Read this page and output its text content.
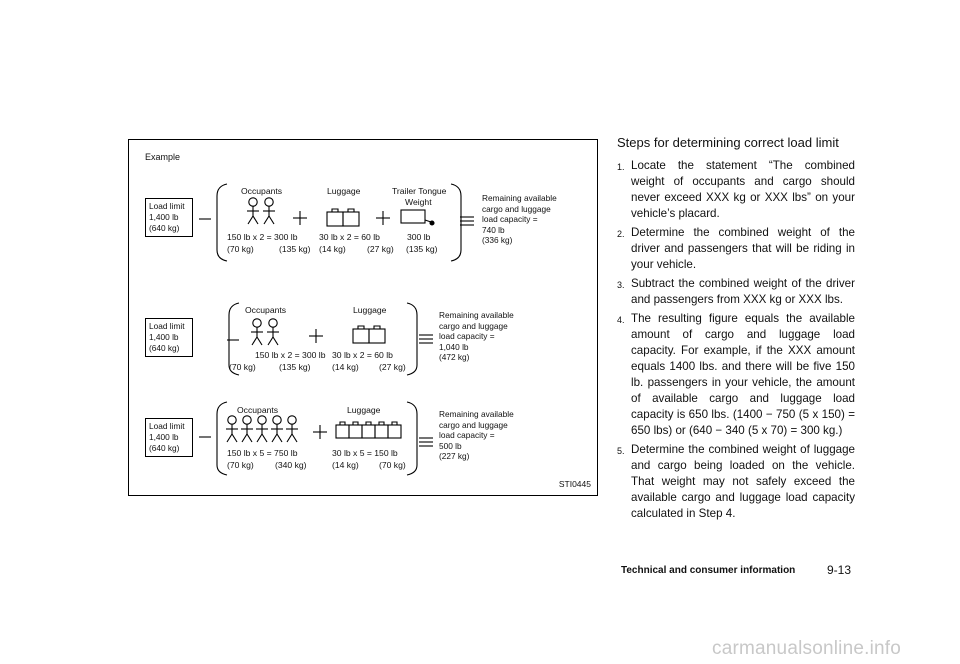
Example
Load limit
1,400 lb
(640 kg)
Occupants	Luggage	Trailer Tongue
Weight
150 lb x 2 = 300 lb
(70 kg)	(135 kg)
30 lb x 2 = 60 lb
(14 kg) (27 kg)
300 lb
(135 kg)
Remaining available
cargo and luggage
load capacity =
740 lb
(336 kg)
Load limit
1,400 lb
(640 kg)
Occupants	Luggage
150 lb x 2 = 300 lb
(70 kg)	(135 kg)
30 lb x 2 = 60 lb
(14 kg) (27 kg)
Remaining available
cargo and luggage
load capacity =
1,040 lb
(472 kg)
Load limit
1,400 lb
(640 kg)
Occupants	Luggage
150 lb x 5 = 750 lb
(70 kg) (340 kg)
30 lb x 5 = 150 lb
(14 kg) (70 kg)
Remaining available
cargo and luggage
load capacity =
500 lb
(227 kg)
STI0445
Steps for determining correct load limit
1. Locate the statement “The combined weight of occupants and cargo should never exceed XXX kg or XXX lbs” on your vehicle’s placard.
2. Determine the combined weight of the driver and passengers that will be riding in your vehicle.
3. Subtract the combined weight of the driver and passengers from XXX kg or XXX lbs.
4. The resulting figure equals the available amount of cargo and luggage load capacity. For example, if the XXX amount equals 1400 lbs. and there will be five 150 lb. passengers in your vehicle, the amount of available cargo and luggage load capacity is 650 lbs. (1400 − 750 (5 x 150) = 650 lbs) or (640 − 340 (5 x 70) = 300 kg.)
5. Determine the combined weight of luggage and cargo being loaded on the vehicle. That weight may not safely exceed the available cargo and luggage load capacity calculated in Step 4.
Technical and consumer information	9-13
carmanualsonline.info
